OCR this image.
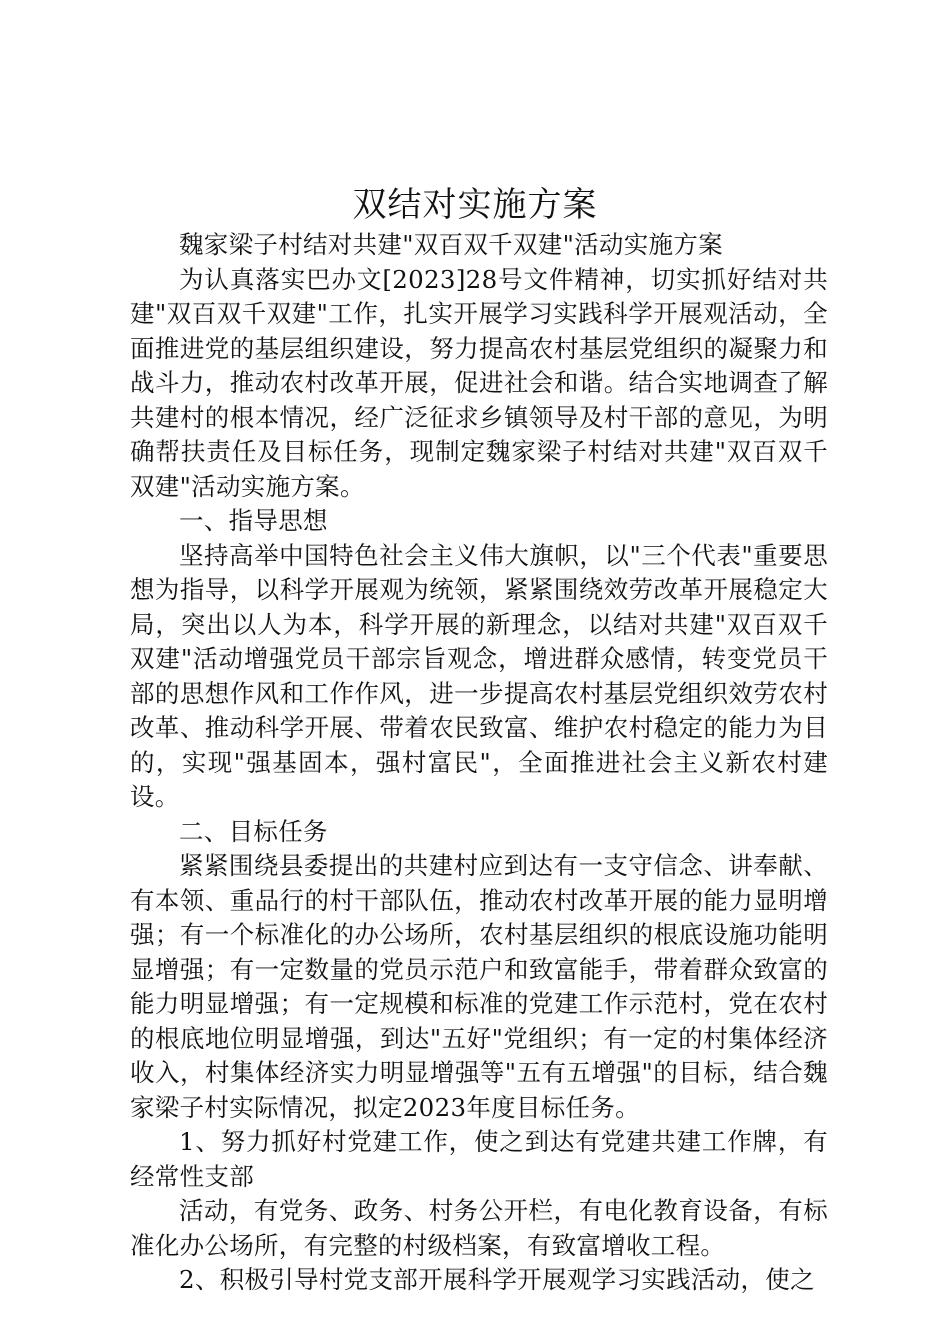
双结对实施方案

魏家梁子村结对共建"双百双千双建"活动实施方案

为认真落实巴办文[2023]28号文件精神，切实抓好结对共建"双百双千双建"工作，扎实开展学习实践科学开展观活动，全面推进党的基层组织建设，努力提高农村基层党组织的凝聚力和战斗力，推动农村改革开展，促进社会和谐。结合实地调查了解共建村的根本情况，经广泛征求乡镇领导及村干部的意见，为明确帮扶责任及目标任务，现制定魏家梁子村结对共建"双百双千双建"活动实施方案。

一、指导思想

坚持高举中国特色社会主义伟大旗帜，以"三个代表"重要思想为指导，以科学开展观为统领，紧紧围绕效劳改革开展稳定大局，突出以人为本，科学开展的新理念，以结对共建"双百双千双建"活动增强党员干部宗旨观念，增进群众感情，转变党员干部的思想作风和工作作风，进一步提高农村基层党组织效劳农村改革、推动科学开展、带着农民致富、维护农村稳定的能力为目的，实现"强基固本，强村富民"，全面推进社会主义新农村建设。

二、目标任务

紧紧围绕县委提出的共建村应到达有一支守信念、讲奉献、有本领、重品行的村干部队伍，推动农村改革开展的能力显明增强；有一个标准化的办公场所，农村基层组织的根底设施功能明显增强；有一定数量的党员示范户和致富能手，带着群众致富的能力明显增强；有一定规模和标准的党建工作示范村，党在农村的根底地位明显增强，到达"五好"党组织；有一定的村集体经济收入，村集体经济实力明显增强等"五有五增强"的目标，结合魏家梁子村实际情况，拟定2023年度目标任务。

1、努力抓好村党建工作，使之到达有党建共建工作牌，有经常性支部

活动，有党务、政务、村务公开栏，有电化教育设备，有标准化办公场所，有完整的村级档案，有致富增收工程。

2、积极引导村党支部开展科学开展观学习实践活动，使之
